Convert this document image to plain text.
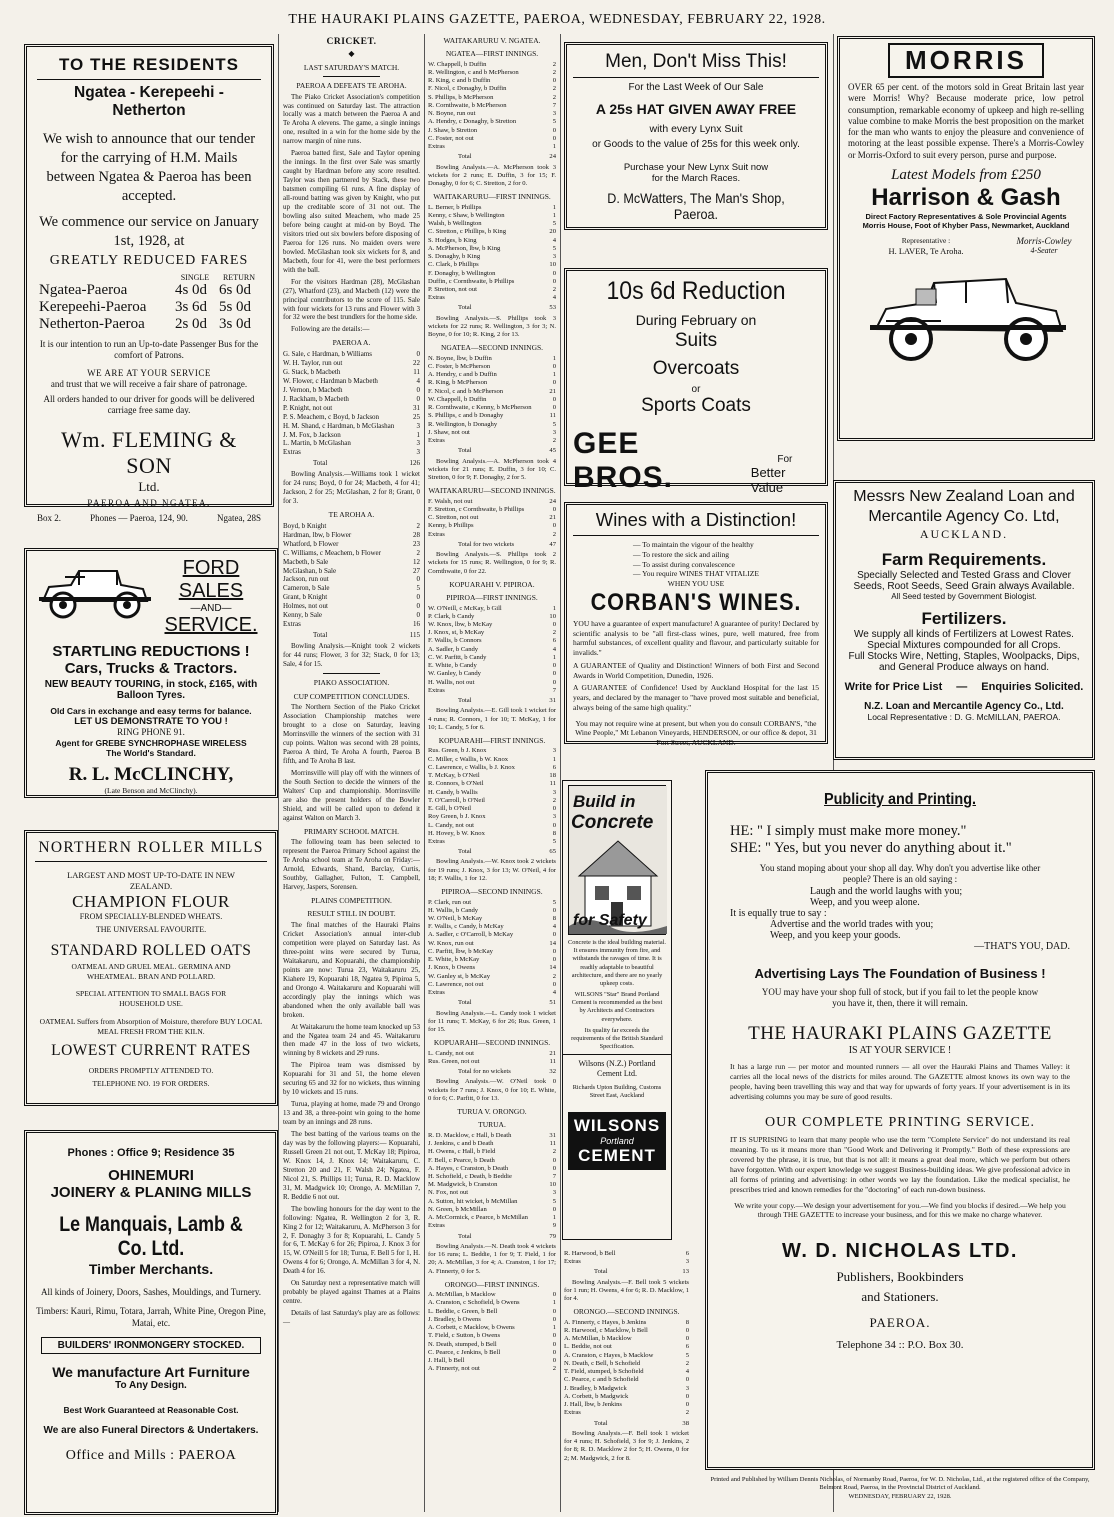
THE HAURAKI PLAINS GAZETTE, PAEROA, WEDNESDAY, FEBRUARY 22, 1928.
TO THE RESIDENTS
Ngatea - Kerepeehi - Netherton
We wish to announce that our tender for the carrying of H.M. Mails between Ngatea & Paeroa has been accepted.
We commence our service on January 1st, 1928, at
GREATLY REDUCED FARES
	SINGLE	RETURN
Ngatea-Paeroa	4s 0d	6s 0d
Kerepeehi-Paeroa	3s 6d	5s 0d
Netherton-Paeroa	2s 0d	3s 0d
It is our intention to run an Up-to-date Passenger Bus for the comfort of Patrons.
WE ARE AT YOUR SERVICE
and trust that we will receive a fair share of patronage.
All orders handed to our driver for goods will be delivered carriage free same day.
Wm. FLEMING & SON
Ltd.
PAEROA AND NGATEA.
Box 2.	Phones — Paeroa, 124, 90.	Ngatea, 28S
FORD SALES
—AND—
SERVICE.
STARTLING REDUCTIONS !
Cars, Trucks & Tractors.
NEW BEAUTY TOURING, in stock, £165, with Balloon Tyres.
Old Cars in exchange and easy terms for balance.
LET US DEMONSTRATE TO YOU !
RING PHONE 91.
Agent for GREBE SYNCHROPHASE WIRELESS
The World's Standard.
R. L. McCLINCHY,
(Late Benson and McClinchy).
NORTHERN ROLLER MILLS
LARGEST AND MOST UP-TO-DATE IN NEW ZEALAND.
CHAMPION FLOUR
FROM SPECIALLY-BLENDED WHEATS.
THE UNIVERSAL FAVOURITE.
STANDARD ROLLED OATS
OATMEAL AND GRUEL MEAL. GERMINA AND WHEATMEAL. BRAN AND POLLARD.
SPECIAL ATTENTION TO SMALL BAGS FOR HOUSEHOLD USE.
OATMEAL Suffers from Absorption of Moisture, therefore BUY LOCAL MEAL FRESH FROM THE KILN.
LOWEST CURRENT RATES
ORDERS PROMPTLY ATTENDED TO.
TELEPHONE NO. 19 FOR ORDERS.
Phones : Office 9; Residence 35
OHINEMURI
JOINERY & PLANING MILLS
Le Manquais, Lamb & Co. Ltd.
Timber Merchants.
All kinds of Joinery, Doors, Sashes, Mouldings, and Turnery.
Timbers: Kauri, Rimu, Totara, Jarrah, White Pine, Oregon Pine, Matai, etc.
BUILDERS' IRONMONGERY STOCKED.
We manufacture Art Furniture
To Any Design.
Best Work Guaranteed at Reasonable Cost.
We are also Funeral Directors & Undertakers.
Office and Mills : PAEROA
CRICKET.
◆
LAST SATURDAY'S MATCH.
PAEROA A DEFEATS TE AROHA.

The Piako Cricket Association's competition was continued on Saturday last. The attraction locally was a match between the Paeroa A and Te Aroha A elevens. The game, a single innings one, resulted in a win for the home side by the narrow margin of nine runs.

Paeroa batted first, Sale and Taylor opening the innings. In the first over Sale was smartly caught by Hardman before any score resulted. Taylor was then partnered by Stack, these two batsmen compiling 61 runs. A fine display of all-round batting was given by Knight, who put up the creditable score of 31 not out. The bowling also suited Meachem, who made 25 before being caught at mid-on by Boyd. The visitors tried out six bowlers before disposing of Paeroa for 126 runs. No maiden overs were bowled. McGlashan took six wickets for 8, and Macbeth, four for 41, were the best performers with the ball.

For the visitors Hardman (28), McGlashan (27), Whatford (23), and Macbeth (12) were the principal contributors to the score of 115. Sale with four wickets for 13 runs and Flower with 3 for 32 were the best trundlers for the home side.

Following are the details:—

PAEROA A.
G. Sale, c Hardman, b Williams	0
W. H. Taylor, run out	22
G. Stack, b Macbeth	11
W. Flower, c Hardman b Macbeth	4
J. Vernon, b Macbeth	0
J. Rackham, b Macbeth	0
P. Knight, not out	31
P. S. Meachem, c Boyd, b Jackson	25
H. M. Shand, c Hardman, b McGlashan	3
J. M. Fox, b Jackson	1
L. Martin, b McGlashan	3
Extras	3
Total	126

Bowling Analysis.—Williams took 1 wicket for 24 runs; Boyd, 0 for 24; Macbeth, 4 for 41; Jackson, 2 for 25; McGlashan, 2 for 8; Grant, 0 for 3.

TE AROHA A.
Boyd, b Knight	2
Hardman, lbw, b Flower	28
Whatford, b Flower	23
C. Williams, c Meachem, b Flower	2
Macbeth, b Sale	12
McGlashan, b Sale	27
Jackson, run out	0
Cameron, b Sale	5
Grant, b Knight	0
Holmes, not out	0
Kenny, b Sale	0
Extras	16
Total	115

Bowling Analysis.—Knight took 2 wickets for 44 runs; Flower, 3 for 32; Stack, 0 for 13; Sale, 4 for 15.

PIAKO ASSOCIATION.
CUP COMPETITION CONCLUDES.

The Northern Section of the Piako Cricket Association Championship matches were brought to a close on Saturday, leaving Morrinsville the winners of the section with 31 cup points. Walton was second with 28 points, Paeroa A third, Te Aroha A fourth, Paeroa B fifth, and Te Aroha B last.

Morrinsville will play off with the winners of the South Section to decide the winners of the Walters' Cup and championship. Morrinsville are also the present holders of the Bowler Shield, and will be called upon to defend it against Walton on March 3.

PRIMARY SCHOOL MATCH.

The following team has been selected to represent the Paeroa Primary School against the Te Aroha school team at Te Aroha on Friday:— Arnold, Edwards, Shand, Barclay, Curtis, Southby, Gallagher, Fulton, T. Campbell, Harvey, Jaspers, Sorensen.

PLAINS COMPETITION.
RESULT STILL IN DOUBT.

The final matches of the Hauraki Plains Cricket Association's annual inter-club competition were played on Saturday last. As three-point wins were secured by Turua, Waitakaruru, and Kopuarahi, the championship points are now: Turua 23, Waitakaruru 25, Kiahere 19, Kopuarahi 18, Ngatea 9, Pipiroa 5, and Orongo 4. Waitakaruru and Kopuarahi will accordingly play the innings which was abandoned when the only available ball was broken.

At Waitakaruru the home team knocked up 53 and the Ngatea team 24 and 45. Waitakaruru then made 47 in the loss of two wickets, winning by 8 wickets and 29 runs.

The Pipiroa team was dismissed by Kopuarahi for 31 and 51, the home eleven securing 65 and 32 for no wickets, thus winning by 10 wickets and 15 runs.

Turua, playing at home, made 79 and Orongo 13 and 38, a three-point win going to the home team by an innings and 28 runs.

The best batting of the various teams on the day was by the following players:— Kopuarahi, Russell Green 21 not out, T. McKay 18; Pipiroa, W. Knox 14, J. Knox 14; Waitakaruru, C. Stretton 20 and 21, F. Walsh 24; Ngatea, F. Nicol 21, S. Phillips 11; Turua, R. D. Macklow 31, M. Madgwick 10; Orongo, A. McMillan 7, R. Beddie 6 not out.

The bowling honours for the day went to the following: Ngatea, R. Wellington 2 for 3, R. King 2 for 12; Waitakaruru, A. McPherson 3 for 2, F. Donaghy 3 for 8; Kopuarahi, L. Candy 5 for 6, T. McKay 6 for 26; Pipiroa, J. Knox 3 for 15, W. O'Neill 5 for 18; Turua, F. Bell 5 for 1, H. Owens 4 for 6; Orongo, A. McMillan 3 for 4, N. Death 4 for 16.

On Saturday next a representative match will probably be played against Thames at a Plains centre.

Details of last Saturday's play are as follows:—

WAITAKARURU V. NGATEA.
NGATEA—FIRST INNINGS.
W. Chappell, b Duffin	2
R. Wellington, c and b McPherson	2
R. King, c and b Duffin	0
F. Nicol, c Donaghy, b Duffin	2
S. Phillips, b McPherson	2
R. Cornthwaite, b McPherson	7
N. Boyne, run out	3
A. Hendry, c Donaghy, b Stretton	5
J. Shaw, b Stretton	0
C. Foster, not out	0
Extras	1
Total	24

Bowling Analysis.—A. McPherson took 3 wickets for 2 runs; E. Duffin, 3 for 15; F. Donaghy, 0 for 6; C. Stretton, 2 for 0.

WAITAKARURU—FIRST INNINGS.
L. Berner, b Phillips	1
Kenny, c Shaw, b Wellington	1
Walsh, b Wellington	5
C. Stretton, c Phillips, b King	20
S. Hodges, b King	4
A. McPherson, lbw, b King	5
S. Donaghy, b King	3
C. Clark, b Phillips	10
F. Donaghy, b Wellington	0
Duffin, c Cornthwaite, b Phillips	0
P. Stretton, not out	2
Extras	4
Total	53

Bowling Analysis.—S. Phillips took 3 wickets for 22 runs; R. Wellington, 3 for 3; N. Boyne, 0 for 10; R. King, 2 for 13.

NGATEA—SECOND INNINGS.
N. Boyne, lbw, b Duffin	1
C. Foster, b McPherson	0
A. Hendry, c and b Duffin	1
R. King, b McPherson	0
F. Nicol, c and b McPherson	21
W. Chappell, b Duffin	0
R. Cornthwaite, c Kenny, b McPherson	0
S. Phillips, c and b Donaghy	11
R. Wellington, b Donaghy	5
J. Shaw, not out	3
Extras	2
Total	45

Bowling Analysis.—A. McPherson took 4 wickets for 21 runs; E. Duffin, 3 for 10; C. Stretton, 0 for 9; F. Donaghy, 2 for 5.

WAITAKARURU—SECOND INNINGS.
F. Walsh, not out	24
F. Stretton, c Cornthwaite, b Phillips	0
C. Stretton, not out	21
Kenny, b Phillips	0
Extras	2
Total for two wickets	47

Bowling Analysis.—S. Phillips took 2 wickets for 15 runs; R. Wellington, 0 for 9; R. Cornthwaite, 0 for 22.

KOPUARAHI V. PIPIROA.
PIPIROA—FIRST INNINGS.
W. O'Neill, c McKay, b Gill	1
P. Clark, b Candy	10
W. Knox, lbw, b McKay	0
J. Knox, st, b McKay	2
F. Wallis, b Connors	6
A. Sadler, b Candy	4
C. W. Parfitt, b Candy	1
E. White, b Candy	0
W. Ganley, b Candy	0
H. Wallis, not out	0
Extras	7
Total	31

Bowling Analysis.—E. Gill took 1 wicket for 4 runs; R. Connors, 1 for 10; T. McKay, 1 for 10; L. Candy, 5 for 6.

KOPUARAHI—FIRST INNINGS.
Rus. Green, b J. Knox	3
C. Miller, c Wallis, b W. Knox	1
C. Lawrence, c Wallis, b J. Knox	6
T. McKay, b O'Neil	18
R. Connors, b O'Neil	11
H. Candy, b Wallis	3
T. O'Carroll, b O'Neil	2
E. Gill, b O'Neil	0
Roy Green, b J. Knox	3
L. Candy, not out	0
H. Hovey, b W. Knox	8
Extras	5
Total	65

Bowling Analysis.—W. Knox took 2 wickets for 19 runs; J. Knox, 3 for 13; W. O'Neil, 4 for 18; F. Wallis, 1 for 12.

PIPIROA—SECOND INNINGS.
P. Clark, run out	5
H. Wallis, b Candy	0
W. O'Neil, b McKay	8
F. Wallis, c Candy, b McKay	4
A. Sadler, c O'Carroll, b McKay	0
W. Knox, run out	14
C. Parfitt, lbw, b McKay	0
E. White, b McKay	0
J. Knox, b Owens	14
W. Ganley st, b McKay	2
C. Lawrence, not out	0
Extras	4
Total	51

Bowling Analysis.—L. Candy took 1 wicket for 11 runs; T. McKay, 6 for 26; Rus. Green, 1 for 15.

KOPUARAHI—SECOND INNINGS.
L. Candy, not out	21
Rus. Green, not out	11
Total for no wickets	32

Bowling Analysis.—W. O'Neil took 0 wickets for 7 runs; J. Knox, 0 for 10; E. White, 0 for 6; C. Parfitt, 0 for 13.

TURUA V. ORONGO.
TURUA.
R. D. Macklow, c Hall, b Death	31
J. Jenkins, c and b Death	11
H. Owens, c Hall, b Field	2
F. Bell, c Pearce, b Death	0
A. Hayes, c Cranston, b Death	0
H. Schofield, c Death, b Beddie	7
M. Madgwick, b Cranston	10
N. Fox, not out	3
A. Sutton, hit wicket, b McMillan	5
N. Green, b McMillan	0
A. McCormick, c Pearce, b McMillan	1
Extras	9
Total	79

Bowling Analysis.—N. Death took 4 wickets for 16 runs; L. Beddie, 1 for 9; T. Field, 1 for 20; A. McMillan, 3 for 4; A. Cranston, 1 for 17; A. Finnerty, 0 for 5.

ORONGO—FIRST INNINGS.
A. McMillan, b Macklow	0
A. Cranston, c Schofield, b Owens	1
L. Beddie, c Green, b Bell	0
J. Bradley, b Owens	0
A. Corbett, c Macklow, b Owens	1
T. Field, c Sutton, b Owens	0
N. Death, stumped, b Bell	0
C. Pearce, c Jenkins, b Bell	0
J. Hall, b Bell	0
A. Finnerty, not out	2
Men, Don't Miss This!
For the Last Week of Our Sale
A 25s HAT GIVEN AWAY FREE
with every Lynx Suit
or Goods to the value of 25s for this week only.
Purchase your New Lynx Suit now
for the March Races.
D. McWatters, The Man's Shop, Paeroa.
10s 6d Reduction
During February on
Suits
Overcoats
or
Sports Coats
GEE BROS.
For
Better Value
Wines with a Distinction!
— To maintain the vigour of the healthy
— To restore the sick and ailing
— To assist during convalescence
— You require WINES THAT VITALIZE
WHEN YOU USE
CORBAN'S WINES.
YOU have a guarantee of expert manufacture! A guarantee of purity! Declared by scientific analysis to be "all first-class wines, pure, well matured, free from harmful substances, of excellent quality and flavour, and particularly suitable for invalids."
A GUARANTEE of Quality and Distinction! Winners of both First and Second Awards in World Competition, Dunedin, 1926.
A GUARANTEE of Confidence! Used by Auckland Hospital for the last 15 years, and declared by the manager to "have proved most suitable and beneficial, always being of the same high quality."
You may not require wine at present, but when you do consult CORBAN'S, "the Wine People," Mt Lebanon Vineyards, HENDERSON, or our office & depot, 31 Fort Street, AUCKLAND.
Build in
Concrete
for Safety
Concrete is the ideal building material. It ensures immunity from fire, and withstands the ravages of time. It is readily adaptable to beautiful architecture, and there are no yearly upkeep costs.
WILSONS "Star" Brand Portland Cement is recommended as the best by Architects and Contractors everywhere.
Its quality far exceeds the requirements of the British Standard Specification.
Wilsons (N.Z.) Portland Cement Ltd.
Richards Upton Building, Customs Street East, Auckland
WILSONS
Portland
CEMENT
R. Harwood, b Bell	6
Extras	3
Total	13

Bowling Analysis.—F. Bell took 5 wickets for 1 run; H. Owens, 4 for 6; R. D. Macklow, 1 for 4.

ORONGO.—SECOND INNINGS.
A. Finnerty, c Hayes, b Jenkins	8
R. Harwood, c Macklow, b Bell	0
A. McMillan, b Macklow	0
L. Beddie, not out	6
A. Cranston, c Hayes, b Macklow	5
N. Death, c Bell, b Schofield	2
T. Field, stumped, b Schofield	4
C. Pearce, c and b Schofield	0
J. Bradley, b Madgwick	3
A. Corbett, b Madgwick	0
J. Hall, lbw, b Jenkins	0
Extras	2
Total	38

Bowling Analysis.—F. Bell took 1 wicket for 4 runs; H. Schofield, 3 for 9; J. Jenkins, 2 for 8; R. D. Macklow 2 for 5; H. Owens, 0 for 2; M. Madgwick, 2 for 8.

MORRIS
OVER 65 per cent. of the motors sold in Great Britain last year were Morris! Why? Because moderate price, low petrol consumption, remarkable economy of upkeep and high re-selling value combine to make Morris the best proposition on the market for the man who wants to enjoy the pleasure and convenience of motoring at the least possible expense. There's a Morris-Cowley or Morris-Oxford to suit every person, purse and purpose.
Latest Models from £250
Harrison & Gash
Direct Factory Representatives & Sole Provincial Agents
Morris House, Foot of Khyber Pass, Newmarket, Auckland
Representative :
H. LAVER, Te Aroha.
Morris-Cowley
4-Seater
Messrs New Zealand Loan and Mercantile Agency Co. Ltd,
AUCKLAND.
Farm Requirements.
Specially Selected and Tested Grass and Clover Seeds, Root Seeds, Seed Grain always Available.
All Seed tested by Government Biologist.
Fertilizers.
We supply all kinds of Fertilizers at Lowest Rates.
Special Mixtures compounded for all Crops.
Full Stocks Wire, Netting, Staples, Woolpacks, Dips, and General Produce always on hand.
Write for Price List — Enquiries Solicited.
N.Z. Loan and Mercantile Agency Co., Ltd.
Local Representative : D. G. McMILLAN, PAEROA.
Publicity and Printing.
HE: " I simply must make more money."
SHE: " Yes, but you never do anything about it."
You stand moping about your shop all day. Why don't you advertise like other people? There is an old saying :
Laugh and the world laughs with you;
Weep, and you weep alone.
It is equally true to say :
Advertise and the world trades with you;
Weep, and you keep your goods.
—THAT'S YOU, DAD.
Advertising Lays The Foundation of Business !
YOU may have your shop full of stock, but if you fail to let the people know you have it, then, there it will remain.
THE HAURAKI PLAINS GAZETTE
IS AT YOUR SERVICE !
It has a large run — per motor and mounted runners — all over the Hauraki Plains and Thames Valley: it carries all the local news of the districts for miles around. The GAZETTE almost knows its own way to the people, having been travelling this way and that way for upwards of forty years. If your advertisement is in its advertising columns you may be sure of good results.
OUR COMPLETE PRINTING SERVICE.
IT IS SUPRISING to learn that many people who use the term "Complete Service" do not understand its real meaning. To us it means more than "Good Work and Delivering it Promptly." Both of these expressions are covered by the phrase, it is true, but that is not all: it means a great deal more, which we perform but others have forgotten. With our expert knowledge we suggest Business-building ideas. We give professional advice in all forms of printing and advertising: in other words we lay the foundation. Like the medical specialist, he prescribes tried and known remedies for the "doctoring" of each run-down business.
We write your copy.—We design your advertisement for you.—We find you blocks if desired.—We help you through THE GAZETTE to increase your business, and for this we make no charge whatever.
W. D. NICHOLAS LTD.
Publishers, Bookbinders
and Stationers.
PAEROA.
Telephone 34 :: P.O. Box 30.
Printed and Published by William Dennis Nicholas, of Normanby Road, Paeroa, for W. D. Nicholas, Ltd., at the registered office of the Company, Belmont Road, Paeroa, in the Provincial District of Auckland.
WEDNESDAY, FEBRUARY 22, 1928.
